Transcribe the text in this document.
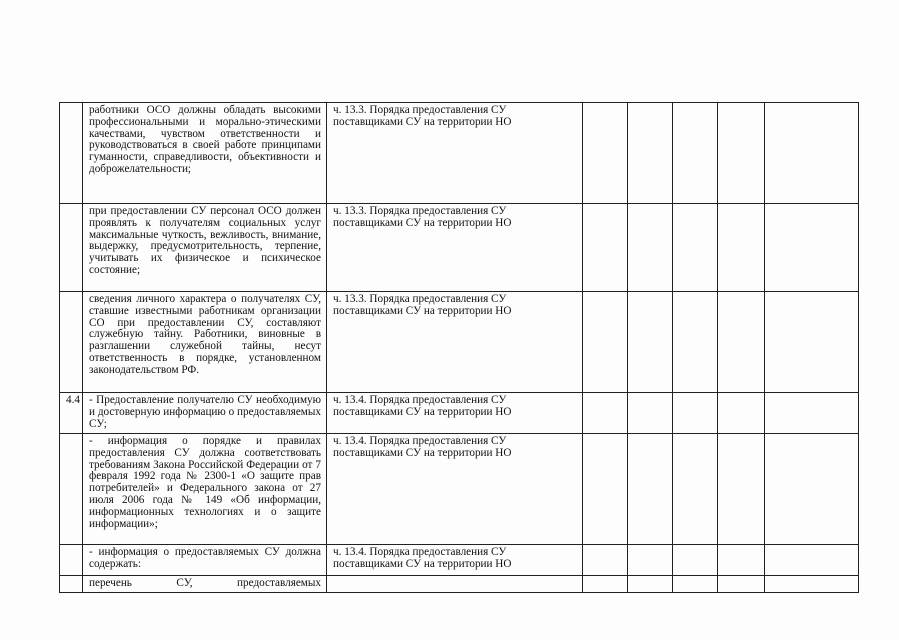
	работники ОСО должны обладать высокими профессиональными и морально-этическими качествами, чувством ответственности и руководствоваться в своей работе принципами гуманности, справедливости, объективности и доброжелательности;	ч. 13.3. Порядка предоставления СУ поставщиками СУ на территории НО					
	при предоставлении СУ персонал ОСО должен проявлять к получателям социальных услуг максимальные чуткость, вежливость, внимание, выдержку, предусмотрительность, терпение, учитывать их физическое и психическое состояние;	ч. 13.3. Порядка предоставления СУ поставщиками СУ на территории НО					
	сведения личного характера о получателях СУ, ставшие известными работникам организации СО при предоставлении СУ, составляют служебную тайну. Работники, виновные в разглашении служебной тайны, несут ответственность в порядке, установленном законодательством РФ.	ч. 13.3. Порядка предоставления СУ поставщиками СУ на территории НО					
4.4	- Предоставление получателю СУ необходимую и достоверную информацию о предоставляемых СУ;	ч. 13.4. Порядка предоставления СУ поставщиками СУ на территории НО					
	- информация о порядке и правилах предоставления СУ должна соответствовать требованиям Закона Российской Федерации от 7 февраля 1992 года № 2300-1 «О защите прав потребителей» и Федерального закона от 27 июля 2006 года № 149 «Об информации, информационных технологиях и о защите информации»;	ч. 13.4. Порядка предоставления СУ поставщиками СУ на территории НО					
	- информация о предоставляемых СУ должна содержать:	ч. 13.4. Порядка предоставления СУ поставщиками СУ на территории НО					
	перечень СУ, предоставляемых						
